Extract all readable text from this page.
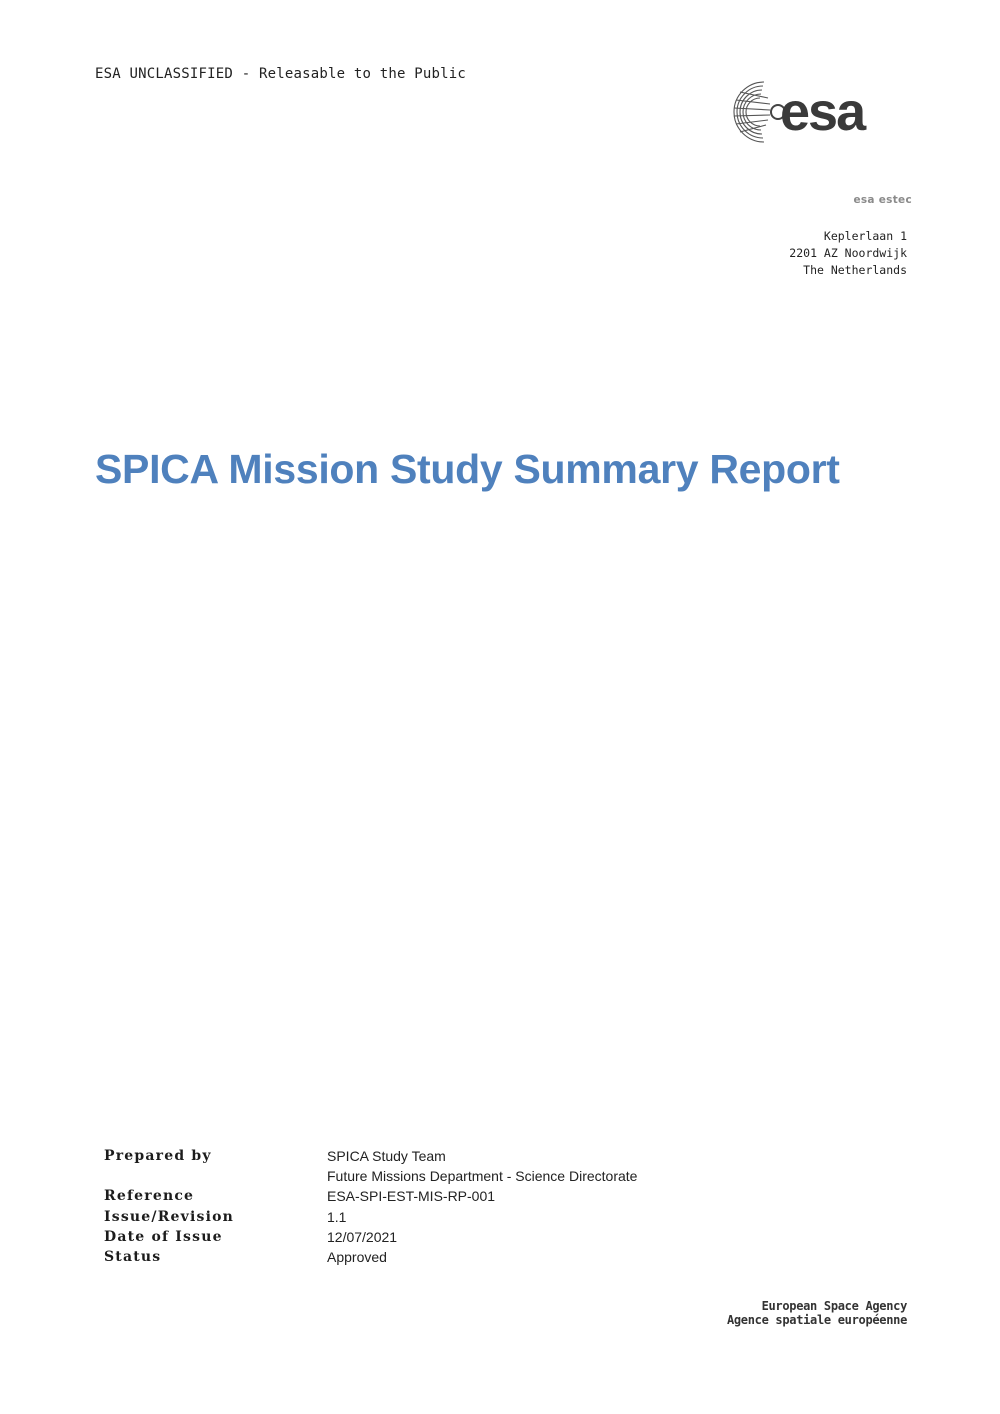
ESA UNCLASSIFIED - Releasable to the Public
esa
esa estec
Keplerlaan 1
2201 AZ Noordwijk
The Netherlands
SPICA Mission Study Summary Report
Prepared by	SPICA Study Team
	Future Missions Department - Science Directorate
Reference	ESA-SPI-EST-MIS-RP-001
Issue/Revision	1.1
Date of Issue	12/07/2021
Status	Approved
European Space Agency
Agence spatiale européenne
